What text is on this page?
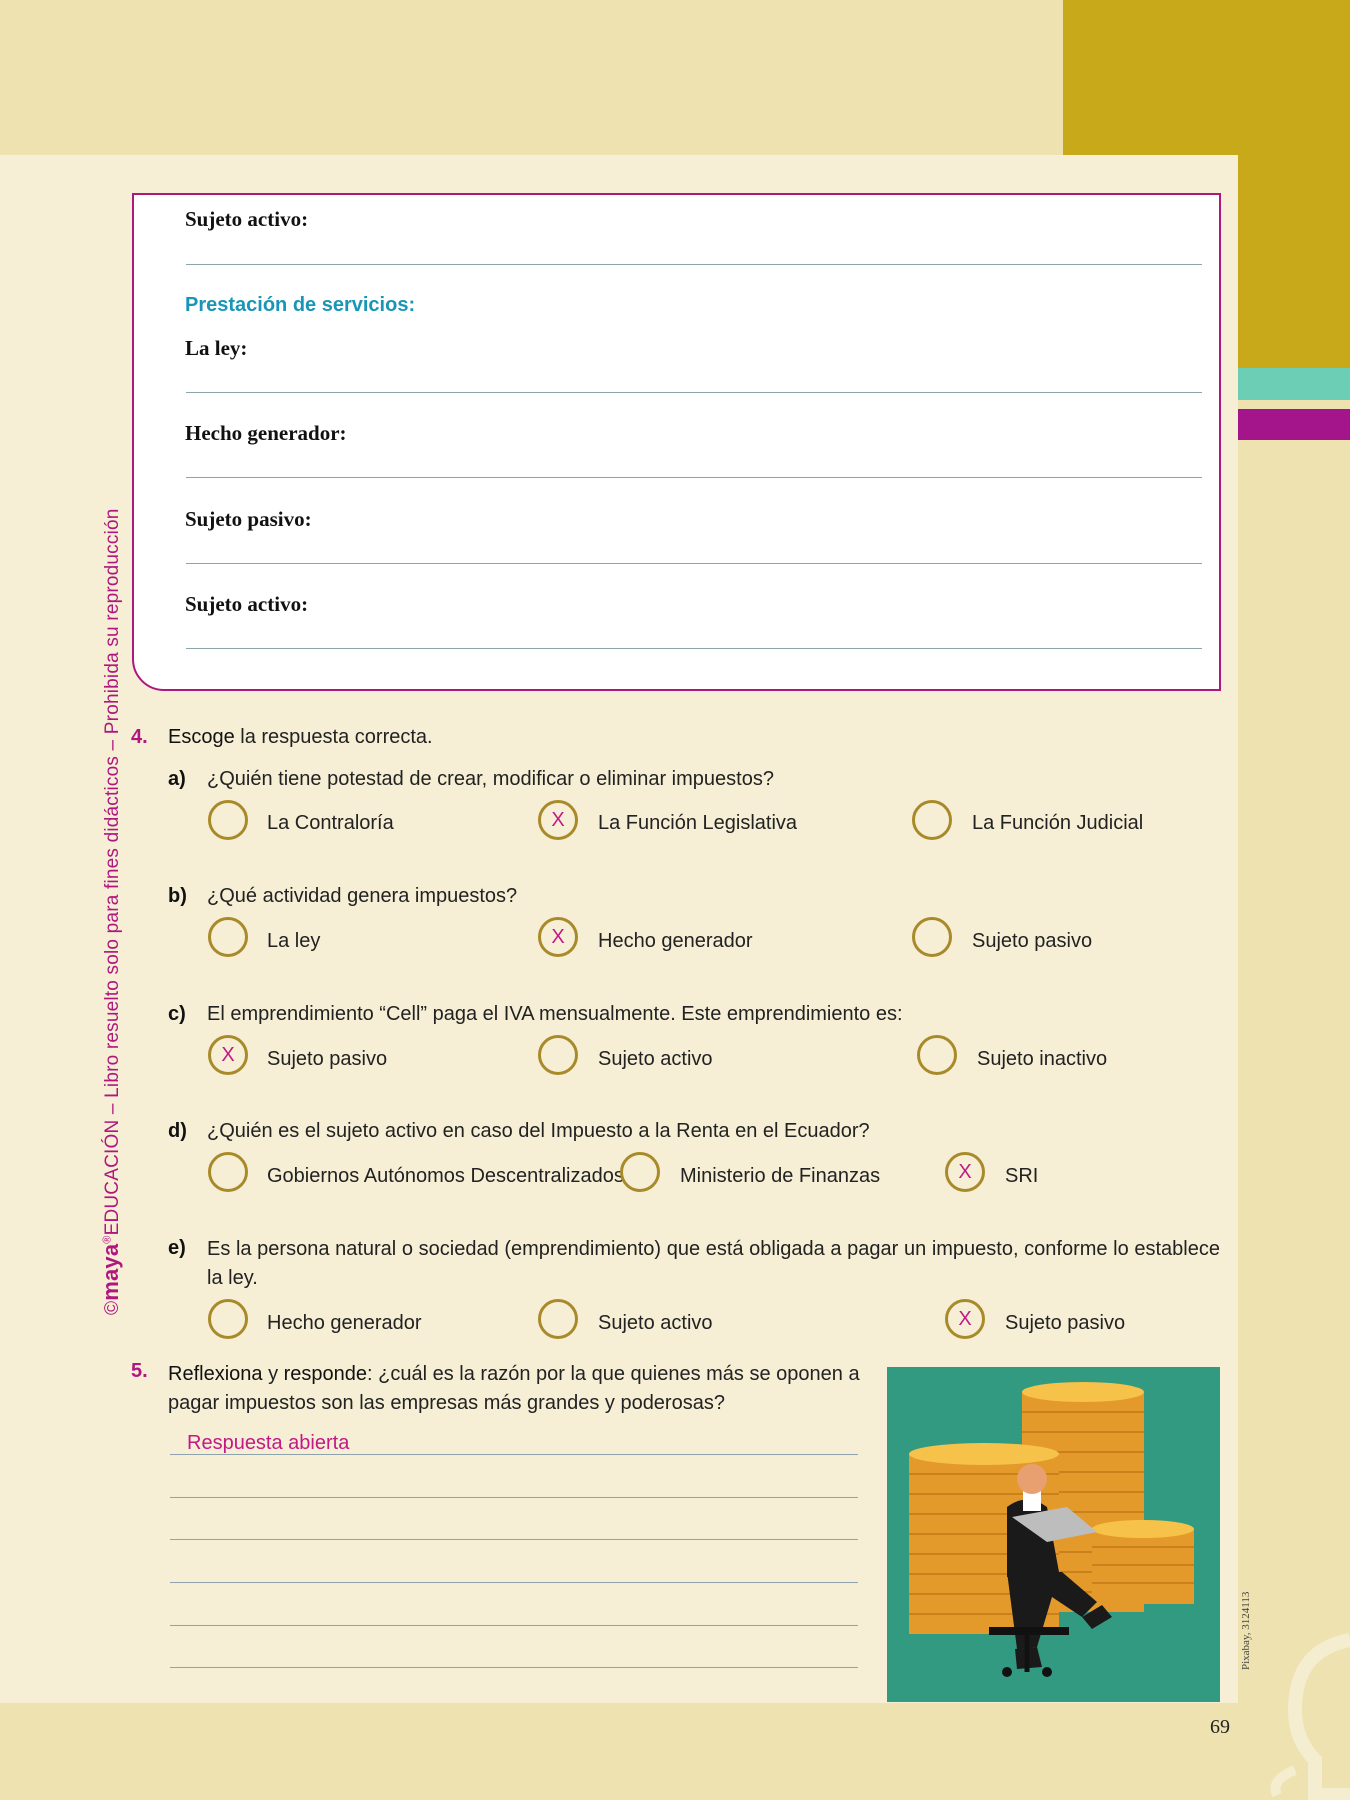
©maya®EDUCACIÓN – Libro resuelto solo para fines didácticos – Prohibida su reproducción
Sujeto activo:
Prestación de servicios:
La ley:
Hecho generador:
Sujeto pasivo:
Sujeto activo:
4. Escoge la respuesta correcta.
a) ¿Quién tiene potestad de crear, modificar o eliminar impuestos?
La Contraloría	X	La Función Legislativa	La Función Judicial
b) ¿Qué actividad genera impuestos?
La ley	X	Hecho generador	Sujeto pasivo
c) El emprendimiento “Cell” paga el IVA mensualmente. Este emprendimiento es:
X	Sujeto pasivo	Sujeto activo	Sujeto inactivo
d) ¿Quién es el sujeto activo en caso del Impuesto a la Renta en el Ecuador?
Gobiernos Autónomos Descentralizados	Ministerio de Finanzas	X	SRI
e) Es la persona natural o sociedad (emprendimiento) que está obligada a pagar un impuesto, conforme lo establece la ley.
Hecho generador	Sujeto activo	X	Sujeto pasivo
5. Reflexiona y responde: ¿cuál es la razón por la que quienes más se oponen a pagar impuestos son las empresas más grandes y poderosas?
Respuesta abierta
Pixabay, 3124113
69
